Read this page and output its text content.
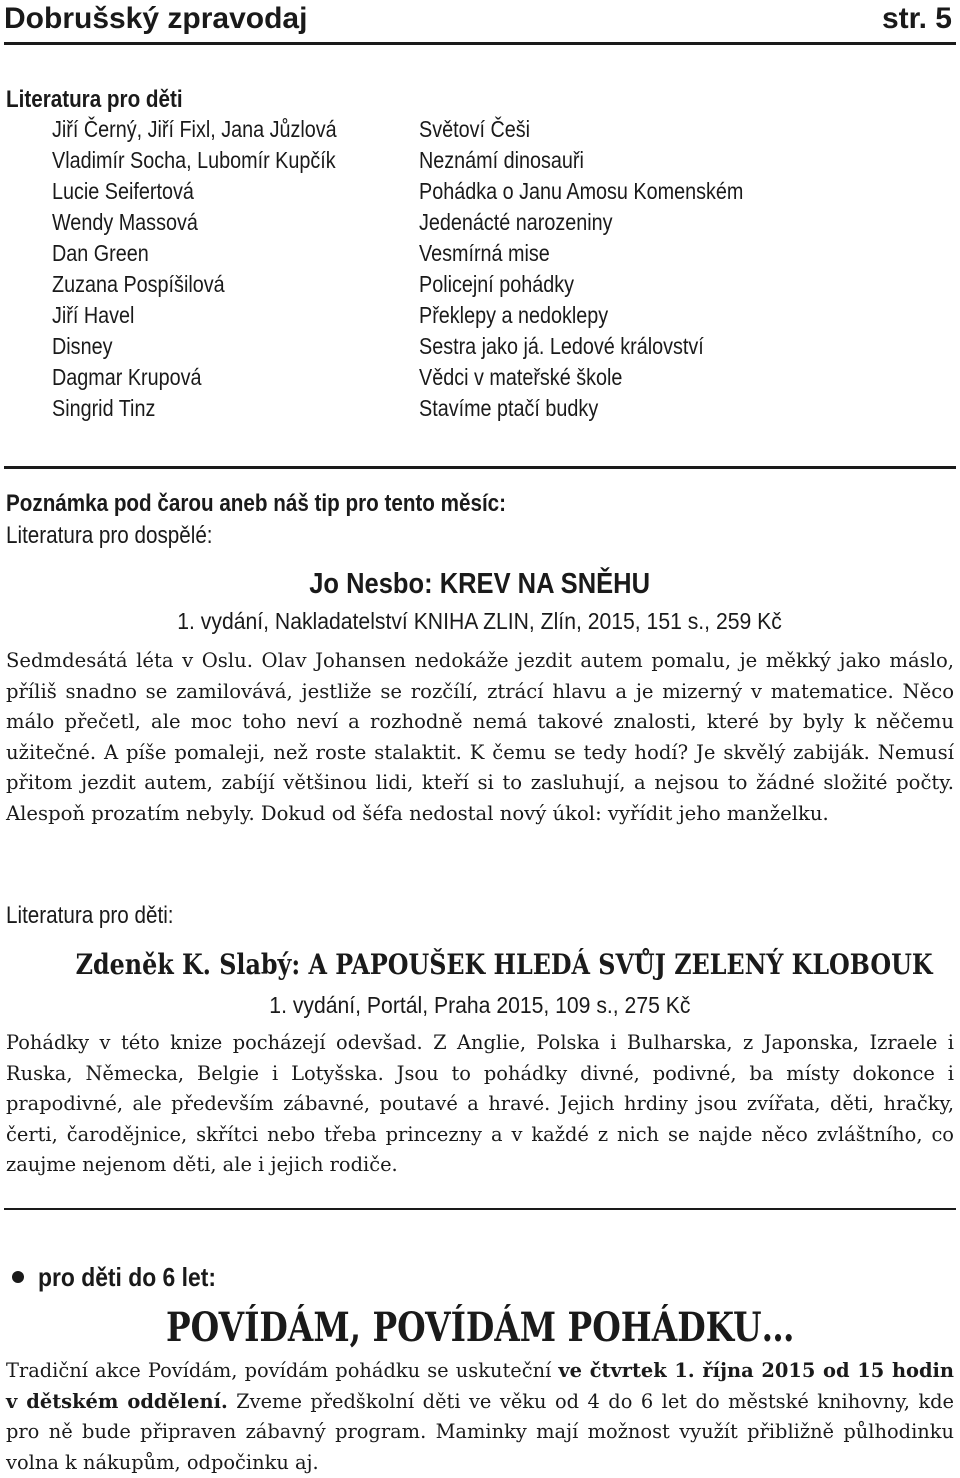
Dobrušský zpravodaj	str. 5
Literatura pro děti
Jiří Černý, Jiří Fixl, Jana Jůzlová	Světoví Češi
Vladimír Socha, Lubomír Kupčík	Neznámí dinosauři
Lucie Seifertová	Pohádka o Janu Amosu Komenském
Wendy Massová	Jedenácté narozeniny
Dan Green	Vesmírná mise
Zuzana Pospíšilová	Policejní pohádky
Jiří Havel	Překlepy a nedoklepy
Disney	Sestra jako já. Ledové království
Dagmar Krupová	Vědci v mateřské škole
Singrid Tinz	Stavíme ptačí budky
Poznámka pod čarou aneb náš tip pro tento měsíc:
Literatura pro dospělé:
Jo Nesbo: KREV NA SNĚHU
1. vydání, Nakladatelství KNIHA ZLIN, Zlín, 2015, 151 s., 259 Kč
Sedmdesátá léta v Oslu. Olav Johansen nedokáže jezdit autem pomalu, je měkký jako máslo, příliš snadno se zamilovává, jestliže se rozčílí, ztrácí hlavu a je mizerný v matematice. Něco málo přečetl, ale moc toho neví a rozhodně nemá takové znalosti, které by byly k něčemu užitečné. A píše pomaleji, než roste stalaktit. K čemu se tedy hodí? Je skvělý zabiják. Nemusí přitom jezdit autem, zabíjí většinou lidi, kteří si to zasluhují, a nejsou to žádné složité počty. Alespoň prozatím nebyly. Dokud od šéfa nedostal nový úkol: vyřídit jeho manželku.
Literatura pro děti:
Zdeněk K. Slabý: A PAPOUŠEK HLEDÁ SVŮJ ZELENÝ KLOBOUK
1. vydání, Portál, Praha 2015, 109 s., 275 Kč
Pohádky v této knize pocházejí odevšad. Z Anglie, Polska i Bulharska, z Japonska, Izraele i Ruska, Německa, Belgie i Lotyšska. Jsou to pohádky divné, podivné, ba místy dokonce i prapodivné, ale především zábavné, poutavé a hravé. Jejich hrdiny jsou zvířata, děti, hračky, čerti, čarodějnice, skřítci nebo třeba princezny a v každé z nich se najde něco zvláštního, co zaujme nejenom děti, ale i jejich rodiče.
pro děti do 6 let:
POVÍDÁM, POVÍDÁM POHÁDKU…
Tradiční akce Povídám, povídám pohádku se uskuteční ve čtvrtek 1. října 2015 od 15 hodin v dětském oddělení. Zveme předškolní děti ve věku od 4 do 6 let do městské knihovny, kde pro ně bude připraven zábavný program. Maminky mají možnost využít přibližně půlhodinku volna k nákupům, odpočinku aj.
